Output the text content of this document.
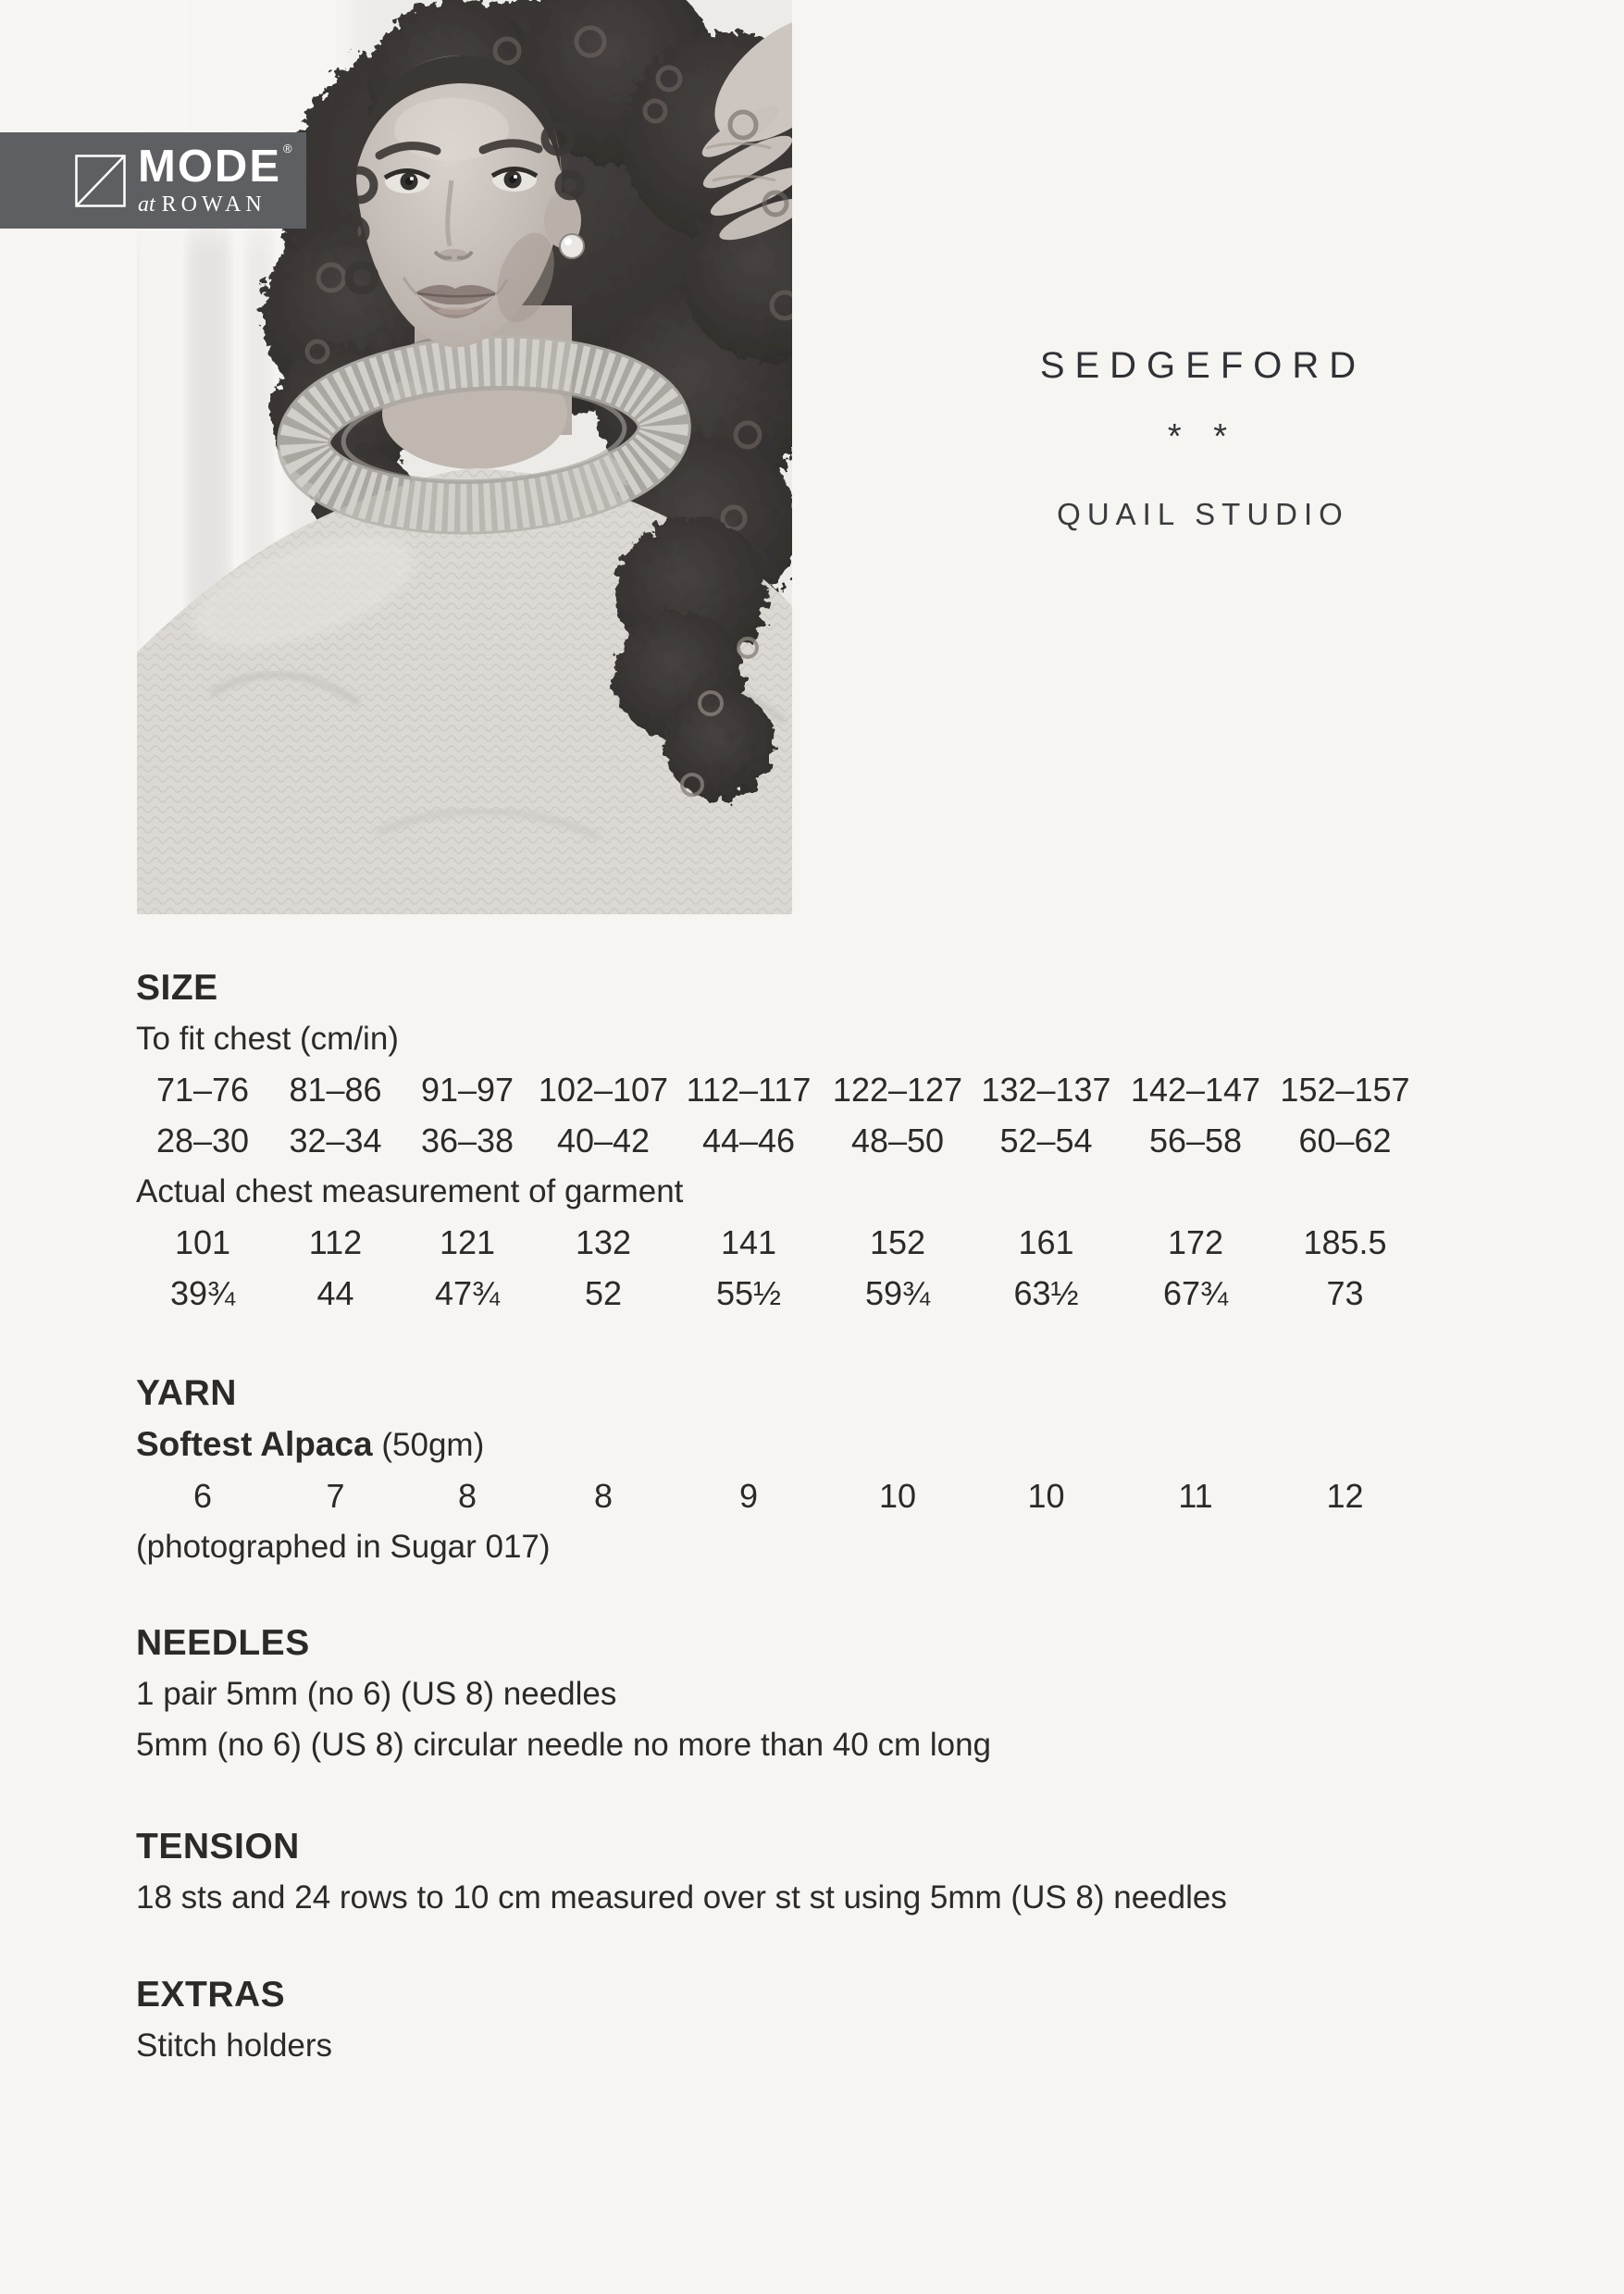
MODE ®
at ROWAN
SEDGEFORD
* *
QUAIL STUDIO
SIZE
To fit chest (cm/in)
71–76	81–86	91–97 102–107 112–117 122–127 132–137 142–147 152–157
28–30	32–34	36–38	40–42	44–46	48–50	52–54	56–58	60–62
Actual chest measurement of garment
101	112	121	132	141	152	161	172	185.5
39¾	44	47¾	52	55½	59¾	63½	67¾	73
YARN
Softest Alpaca (50gm)
6	7	8	8	9	10	10	11	12
(photographed in Sugar 017)
NEEDLES
1 pair 5mm (no 6) (US 8) needles
5mm (no 6) (US 8) circular needle no more than 40 cm long
TENSION
18 sts and 24 rows to 10 cm measured over st st using 5mm (US 8) needles
EXTRAS
Stitch holders
